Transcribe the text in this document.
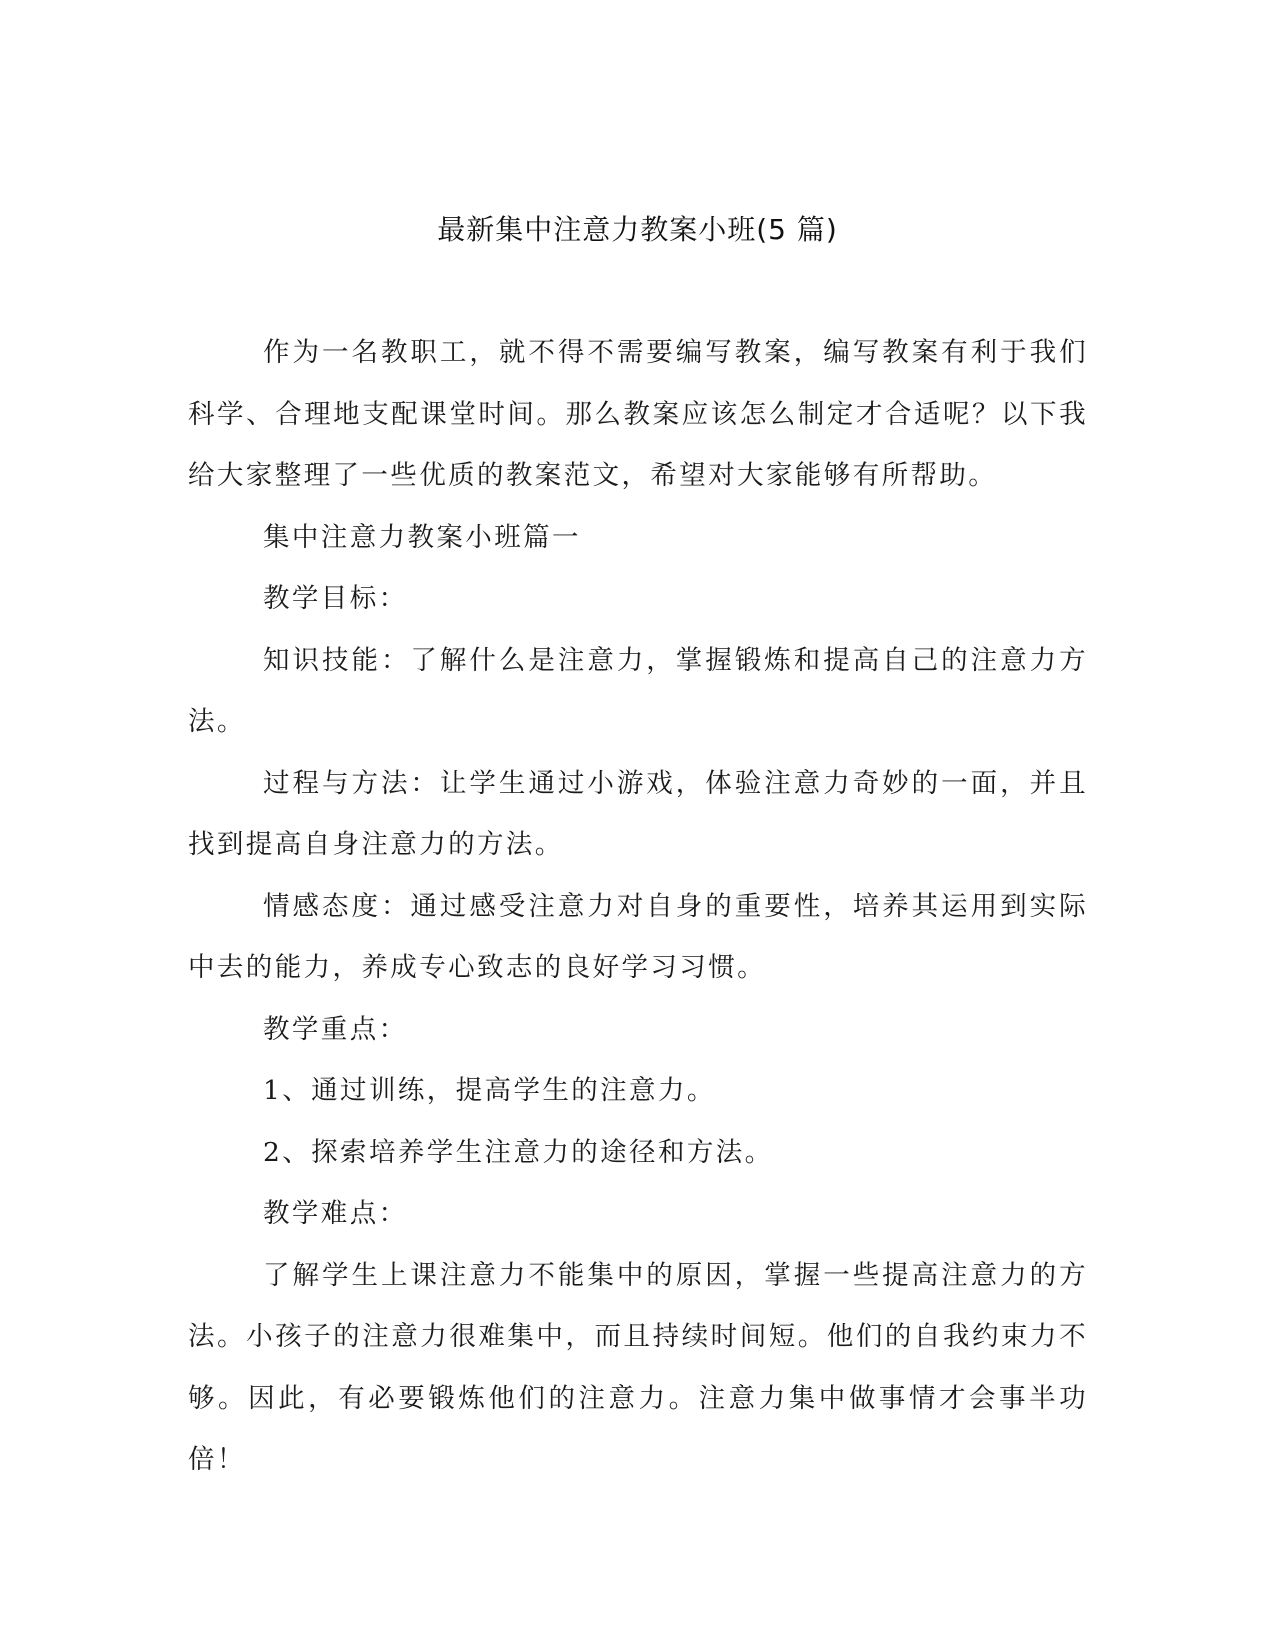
最新集中注意力教案小班(5 篇)

作为一名教职工，就不得不需要编写教案，编写教案有利于我们科学、合理地支配课堂时间。那么教案应该怎么制定才合适呢？以下我给大家整理了一些优质的教案范文，希望对大家能够有所帮助。

集中注意力教案小班篇一

教学目标：

知识技能：了解什么是注意力，掌握锻炼和提高自己的注意力方法。

过程与方法：让学生通过小游戏，体验注意力奇妙的一面，并且找到提高自身注意力的方法。

情感态度：通过感受注意力对自身的重要性，培养其运用到实际中去的能力，养成专心致志的良好学习习惯。

教学重点：

1、通过训练，提高学生的注意力。

2、探索培养学生注意力的途径和方法。

教学难点：

了解学生上课注意力不能集中的原因，掌握一些提高注意力的方法。小孩子的注意力很难集中，而且持续时间短。他们的自我约束力不够。因此，有必要锻炼他们的注意力。注意力集中做事情才会事半功倍！
